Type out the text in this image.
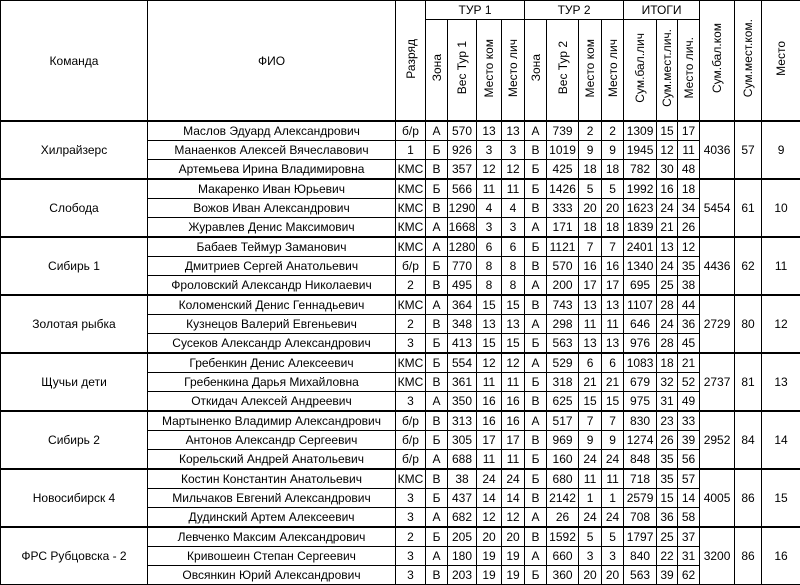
Команда	ФИО	Разряд	ТУР 1				ТУР 2				ИТОГИ			Сум.бал.ком	Сум.мест.ком.	Место
			Зона	Вес Тур 1	Место ком	Место лич	Зона	Вес Тур 2	Место ком	Место лич	Сум.бал.лич	Сум.мест.лич.	Место лич.			
Хилрайзерс	Маслов Эдуард Александрович	б/р	А	570	13	13	А	739	2	2	1309	15	17	4036	57	9
	Манаенков Алексей Вячеславович	1	Б	926	3	3	В	1019	9	9	1945	12	11			
	Артемьева Ирина Владимировна	КМС	В	357	12	12	Б	425	18	18	782	30	48			
Слобода	Макаренко Иван Юрьевич	КМС	Б	566	11	11	Б	1426	5	5	1992	16	18	5454	61	10
	Вожов Иван Александрович	КМС	В	1290	4	4	В	333	20	20	1623	24	34			
	Журавлев Денис Максимович	КМС	А	1668	3	3	А	171	18	18	1839	21	26			
Сибирь 1	Бабаев Теймур Заманович	КМС	А	1280	6	6	Б	1121	7	7	2401	13	12	4436	62	11
	Дмитриев Сергей Анатольевич	б/р	Б	770	8	8	В	570	16	16	1340	24	35			
	Фроловский Александр Николаевич	2	В	495	8	8	А	200	17	17	695	25	38			
Золотая рыбка	Коломенский Денис Геннадьевич	КМС	А	364	15	15	В	743	13	13	1107	28	44	2729	80	12
	Кузнецов Валерий Евгеньевич	2	В	348	13	13	А	298	11	11	646	24	36			
	Сусеков Александр Александрович	3	Б	413	15	15	Б	563	13	13	976	28	45			
Щучьи дети	Гребенкин Денис Алексеевич	КМС	Б	554	12	12	А	529	6	6	1083	18	21	2737	81	13
	Гребенкина Дарья Михайловна	КМС	В	361	11	11	Б	318	21	21	679	32	52			
	Откидач Алексей Андреевич	3	А	350	16	16	В	625	15	15	975	31	49			
Сибирь 2	Мартыненко Владимир Александрович	б/р	В	313	16	16	А	517	7	7	830	23	33	2952	84	14
	Антонов Александр Сергеевич	б/р	Б	305	17	17	В	969	9	9	1274	26	39			
	Корельский Андрей Анатольевич	б/р	А	688	11	11	Б	160	24	24	848	35	56			
Новосибирск 4	Костин Константин Анатольевич	КМС	В	38	24	24	Б	680	11	11	718	35	57	4005	86	15
	Мильчаков Евгений Александрович	3	Б	437	14	14	В	2142	1	1	2579	15	14			
	Дудинский Артем Алексеевич	3	А	682	12	12	А	26	24	24	708	36	58			
ФРС Рубцовска - 2	Левченко Максим Александрович	2	Б	205	20	20	В	1592	5	5	1797	25	37	3200	86	16
	Кривошеин Степан Сергеевич	3	А	180	19	19	А	660	3	3	840	22	31			
	Овсянкин Юрий Александрович	3	В	203	19	19	Б	360	20	20	563	39	62			
